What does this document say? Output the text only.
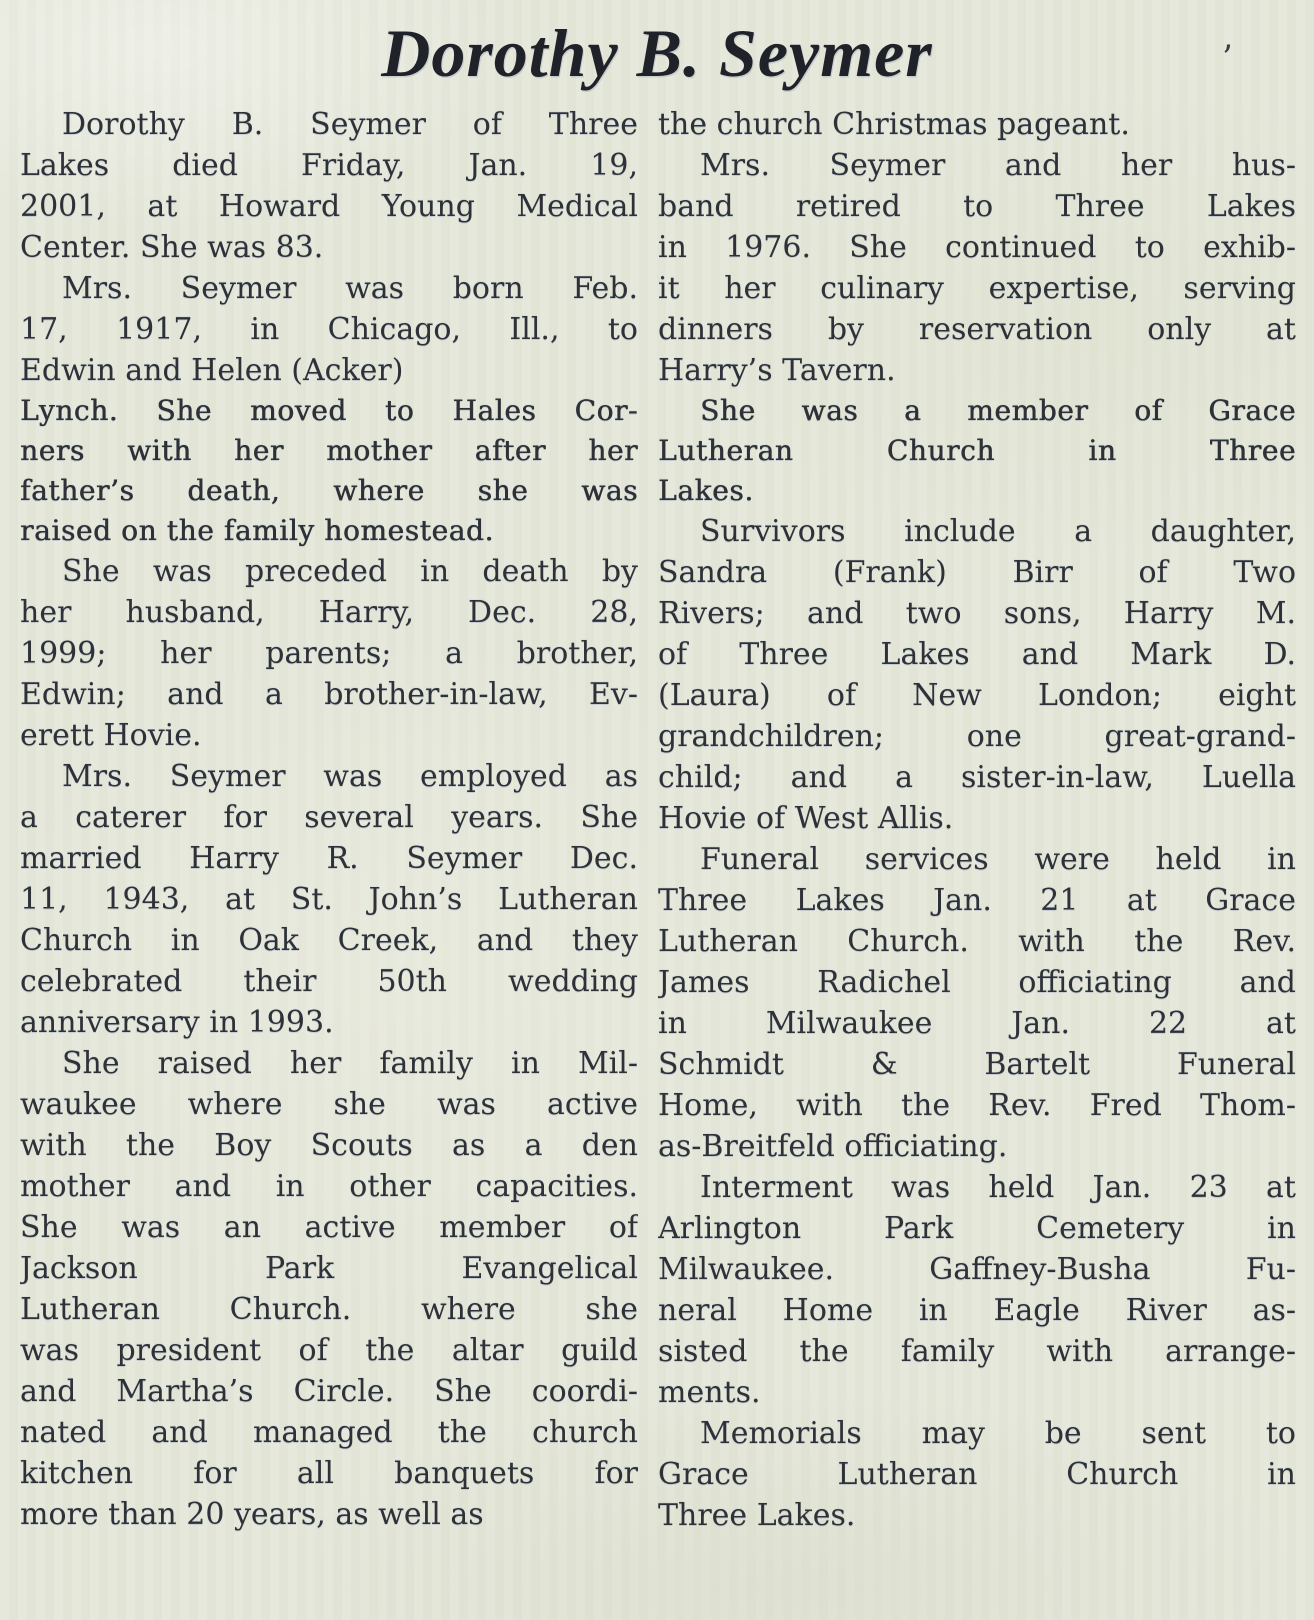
Dorothy B. Seymer	’
Dorothy B. Seymer of Three
Lakes died Friday, Jan. 19,
2001, at Howard Young Medical
Center. She was 83.
Mrs. Seymer was born Feb.
17, 1917, in Chicago, Ill., to
Edwin and Helen (Acker)
Lynch. She moved to Hales Cor-
ners with her mother after her
father’s death, where she was
raised on the family homestead.
She was preceded in death by
her husband, Harry, Dec. 28,
1999; her parents; a brother,
Edwin; and a brother-in-law, Ev-
erett Hovie.
Mrs. Seymer was employed as
a caterer for several years. She
married Harry R. Seymer Dec.
11, 1943, at St. John’s Lutheran
Church in Oak Creek, and they
celebrated their 50th wedding
anniversary in 1993.
She raised her family in Mil-
waukee where she was active
with the Boy Scouts as a den
mother and in other capacities.
She was an active member of
Jackson Park Evangelical
Lutheran Church. where she
was president of the altar guild
and Martha’s Circle. She coordi-
nated and managed the church
kitchen for all banquets for
more than 20 years, as well as
the church Christmas pageant.
Mrs. Seymer and her hus-
band retired to Three Lakes
in 1976. She continued to exhib-
it her culinary expertise, serving
dinners by reservation only at
Harry’s Tavern.
She was a member of Grace
Lutheran Church in Three
Lakes.
Survivors include a daughter,
Sandra (Frank) Birr of Two
Rivers; and two sons, Harry M.
of Three Lakes and Mark D.
(Laura) of New London; eight
grandchildren; one great-grand-
child; and a sister-in-law, Luella
Hovie of West Allis.
Funeral services were held in
Three Lakes Jan. 21 at Grace
Lutheran Church. with the Rev.
James Radichel officiating and
in Milwaukee Jan. 22 at
Schmidt & Bartelt Funeral
Home, with the Rev. Fred Thom-
as-Breitfeld officiating.
Interment was held Jan. 23 at
Arlington Park Cemetery in
Milwaukee. Gaffney-Busha Fu-
neral Home in Eagle River as-
sisted the family with arrange-
ments.
Memorials may be sent to
Grace Lutheran Church in
Three Lakes.
